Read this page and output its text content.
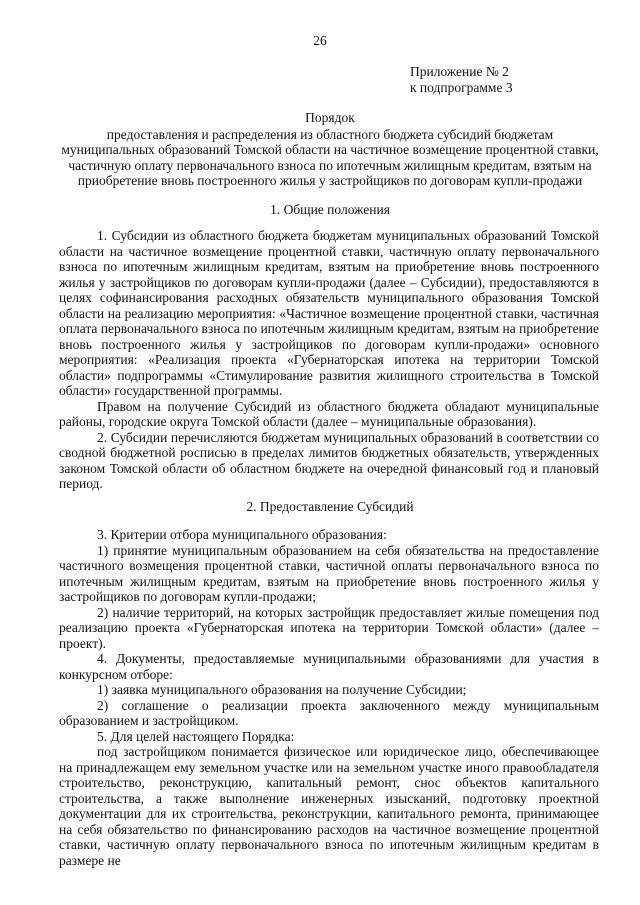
26
Приложение № 2
к подпрограмме 3
Порядок
предоставления и распределения из областного бюджета субсидий бюджетам муниципальных образований Томской области на частичное возмещение процентной ставки, частичную оплату первоначального взноса по ипотечным жилищным кредитам, взятым на приобретение вновь построенного жилья у застройщиков по договорам купли-продажи
1. Общие положения

1. Субсидии из областного бюджета бюджетам муниципальных образований Томской области на частичное возмещение процентной ставки, частичную оплату первоначального взноса по ипотечным жилищным кредитам, взятым на приобретение вновь построенного жилья у застройщиков по договорам купли-продажи (далее – Субсидии), предоставляются в целях софинансирования расходных обязательств муниципального образования Томской области на реализацию мероприятия: «Частичное возмещение процентной ставки, частичная оплата первоначального взноса по ипотечным жилищным кредитам, взятым на приобретение вновь построенного жилья у застройщиков по договорам купли-продажи» основного мероприятия: «Реализация проекта «Губернаторская ипотека на территории Томской области» подпрограммы «Стимулирование развития жилищного строительства в Томской области» государственной программы.

Правом на получение Субсидий из областного бюджета обладают муниципальные районы, городские округа Томской области (далее – муниципальные образования).

2. Субсидии перечисляются бюджетам муниципальных образований в соответствии со сводной бюджетной росписью в пределах лимитов бюджетных обязательств, утвержденных законом Томской области об областном бюджете на очередной финансовый год и плановый период.

2. Предоставление Субсидий

3. Критерии отбора муниципального образования:

1) принятие муниципальным образованием на себя обязательства на предоставление частичного возмещения процентной ставки, частичной оплаты первоначального взноса по ипотечным жилищным кредитам, взятым на приобретение вновь построенного жилья у застройщиков по договорам купли-продажи;

2) наличие территорий, на которых застройщик предоставляет жилые помещения под реализацию проекта «Губернаторская ипотека на территории Томской области» (далее – проект).

4. Документы, предоставляемые муниципальными образованиями для участия в конкурсном отборе:

1) заявка муниципального образования на получение Субсидии;

2) соглашение о реализации проекта заключенного между муниципальным образованием и застройщиком.

5. Для целей настоящего Порядка:

под застройщиком понимается физическое или юридическое лицо, обеспечивающее на принадлежащем ему земельном участке или на земельном участке иного правообладателя строительство, реконструкцию, капитальный ремонт, снос объектов капитального строительства, а также выполнение инженерных изысканий, подготовку проектной документации для их строительства, реконструкции, капитального ремонта, принимающее на себя обязательство по финансированию расходов на частичное возмещение процентной ставки, частичную оплату первоначального взноса по ипотечным жилищным кредитам в размере не
